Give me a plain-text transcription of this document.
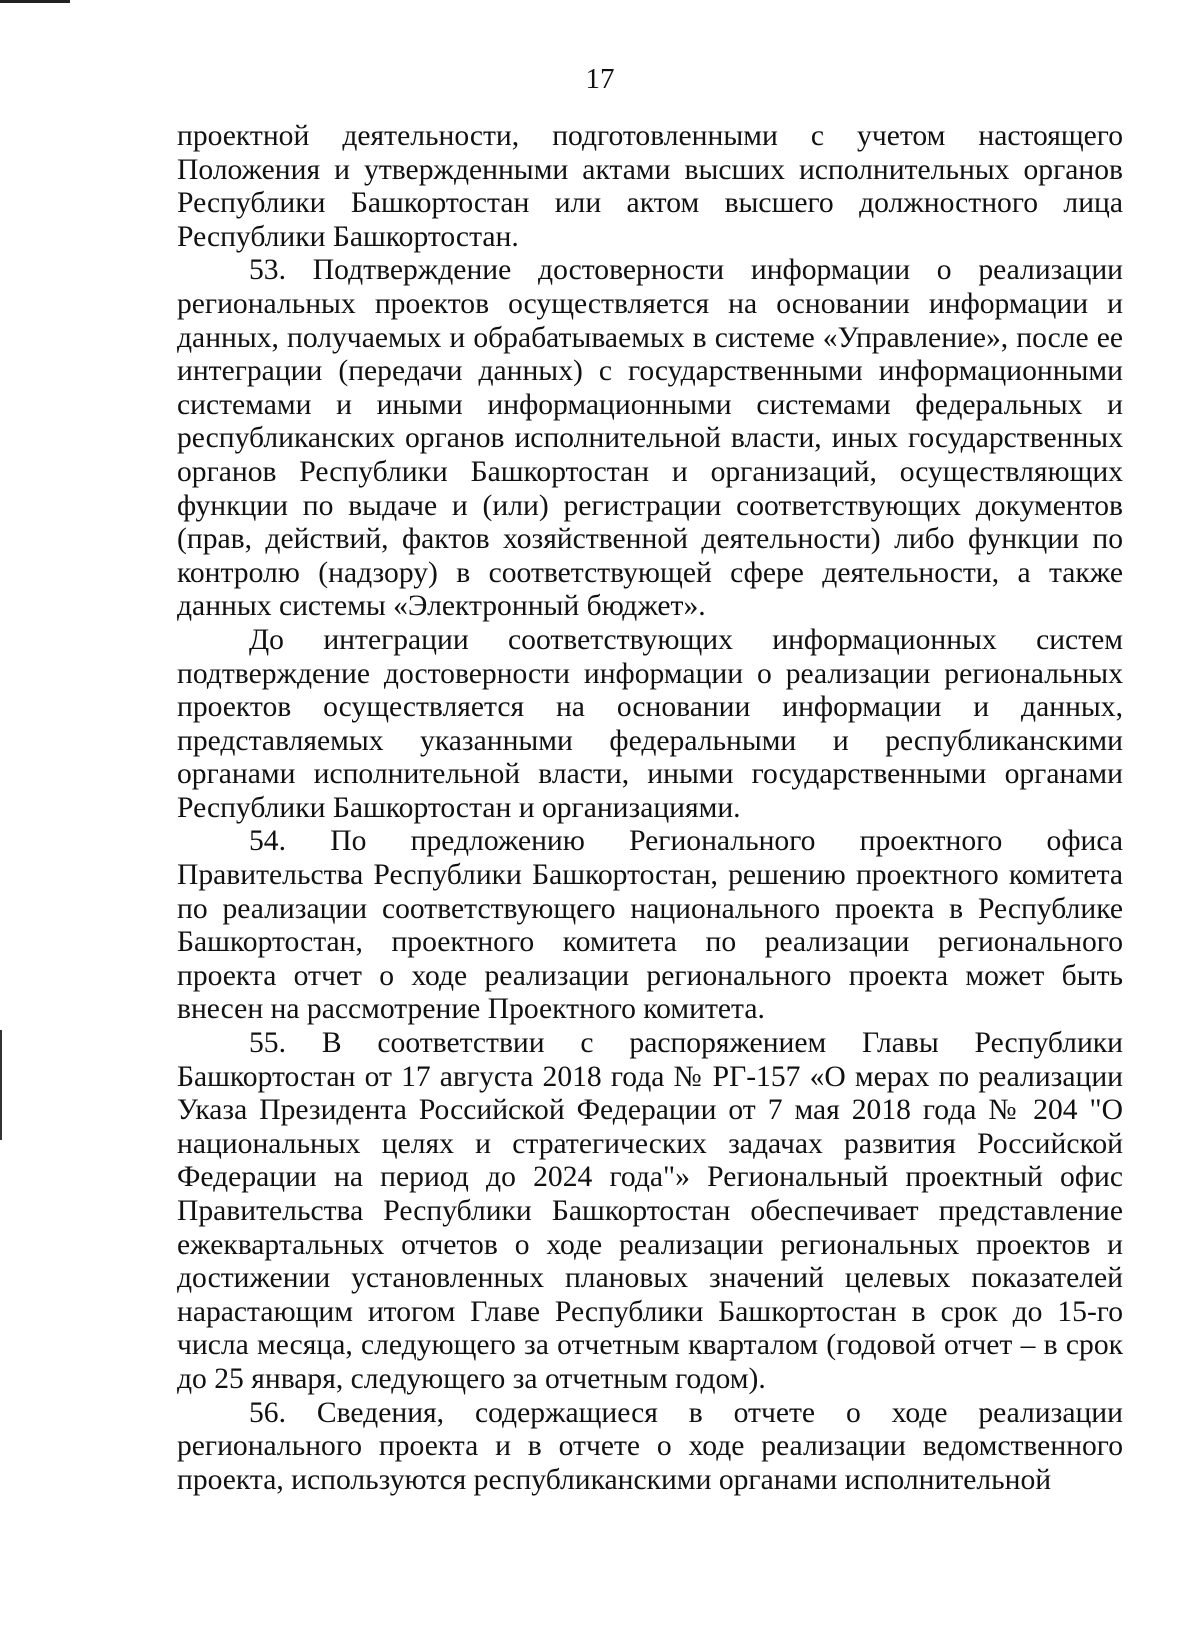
17

проектной деятельности, подготовленными с учетом настоящего Положения и утвержденными актами высших исполнительных органов Республики Башкортостан или актом высшего должностного лица Республики Башкортостан.

53. Подтверждение достоверности информации о реализации региональных проектов осуществляется на основании информации и данных, получаемых и обрабатываемых в системе «Управление», после ее интеграции (передачи данных) с государственными информационными системами и иными информационными системами федеральных и республиканских органов исполнительной власти, иных государственных органов Республики Башкортостан и организаций, осуществляющих функции по выдаче и (или) регистрации соответствующих документов (прав, действий, фактов хозяйственной деятельности) либо функции по контролю (надзору) в соответствующей сфере деятельности, а также данных системы «Электронный бюджет».

До интеграции соответствующих информационных систем подтверждение достоверности информации о реализации региональных проектов осуществляется на основании информации и данных, представляемых указанными федеральными и республиканскими органами исполнительной власти, иными государственными органами Республики Башкортостан и организациями.

54. По предложению Регионального проектного офиса Правительства Республики Башкортостан, решению проектного комитета по реализации соответствующего национального проекта в Республике Башкортостан, проектного комитета по реализации регионального проекта отчет о ходе реализации регионального проекта может быть внесен на рассмотрение Проектного комитета.

55. В соответствии с распоряжением Главы Республики Башкортостан от 17 августа 2018 года № РГ-157 «О мерах по реализации Указа Президента Российской Федерации от 7 мая 2018 года № 204 "О национальных целях и стратегических задачах развития Российской Федерации на период до 2024 года"» Региональный проектный офис Правительства Республики Башкортостан обеспечивает представление ежеквартальных отчетов о ходе реализации региональных проектов и достижении установленных плановых значений целевых показателей нарастающим итогом Главе Республики Башкортостан в срок до 15-го числа месяца, следующего за отчетным кварталом (годовой отчет – в срок до 25 января, следующего за отчетным годом).

56. Сведения, содержащиеся в отчете о ходе реализации регионального проекта и в отчете о ходе реализации ведомственного проекта, используются республиканскими органами исполнительной
